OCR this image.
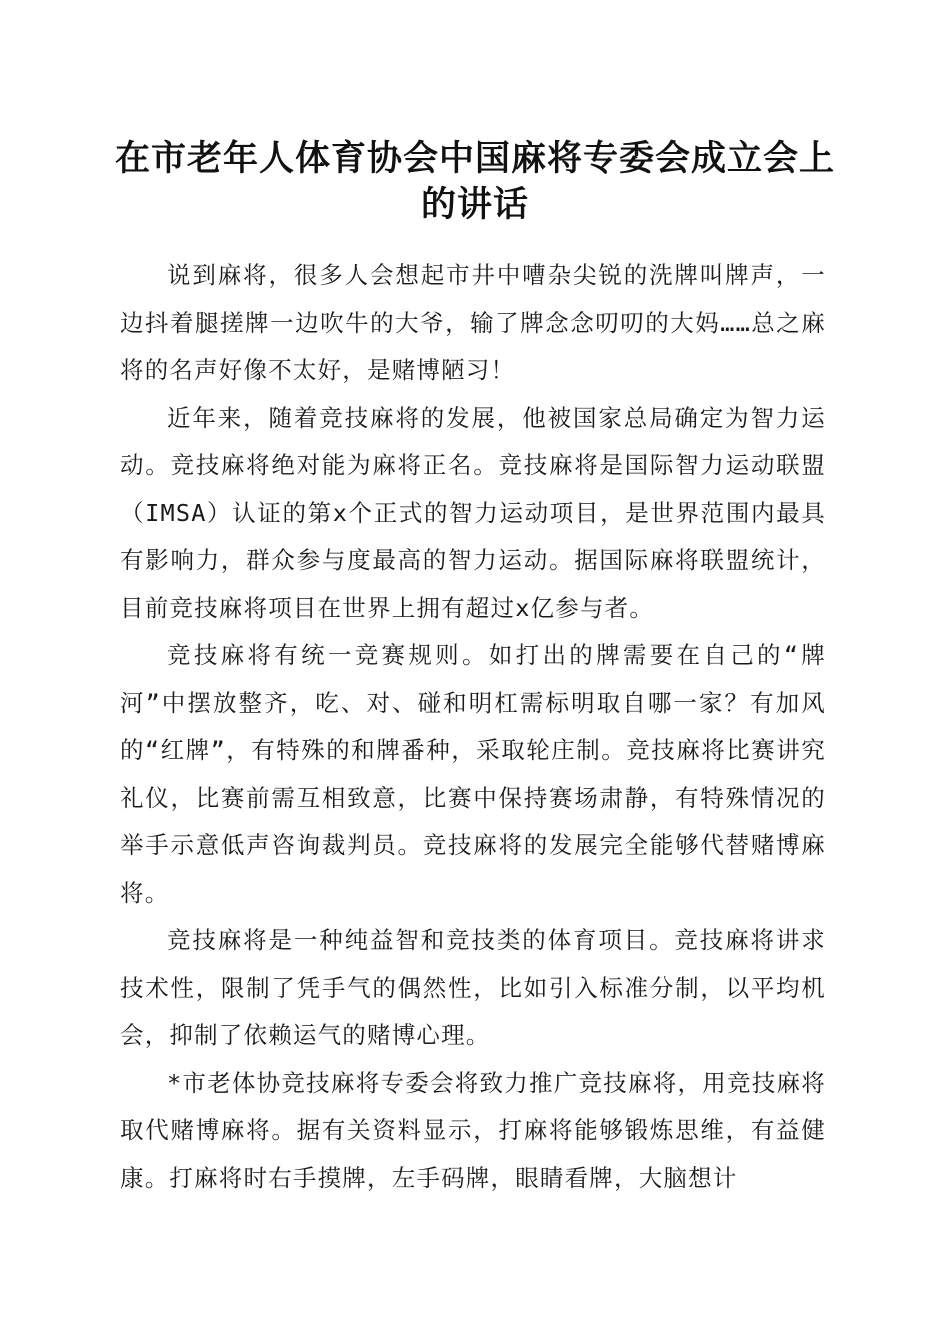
在市老年人体育协会中国麻将专委会成立会上的讲话

说到麻将，很多人会想起市井中嘈杂尖锐的洗牌叫牌声，一边抖着腿搓牌一边吹牛的大爷，输了牌念念叨叨的大妈……总之麻将的名声好像不太好，是赌博陋习！

近年来，随着竞技麻将的发展，他被国家总局确定为智力运动。竞技麻将绝对能为麻将正名。竞技麻将是国际智力运动联盟（IMSA）认证的第x个正式的智力运动项目，是世界范围内最具有影响力，群众参与度最高的智力运动。据国际麻将联盟统计，目前竞技麻将项目在世界上拥有超过x亿参与者。

竞技麻将有统一竞赛规则。如打出的牌需要在自己的“牌河”中摆放整齐，吃、对、碰和明杠需标明取自哪一家？有加风的“红牌”，有特殊的和牌番种，采取轮庄制。竞技麻将比赛讲究礼仪，比赛前需互相致意，比赛中保持赛场肃静，有特殊情况的举手示意低声咨询裁判员。竞技麻将的发展完全能够代替赌博麻将。

竞技麻将是一种纯益智和竞技类的体育项目。竞技麻将讲求技术性，限制了凭手气的偶然性，比如引入标准分制，以平均机会，抑制了依赖运气的赌博心理。

*市老体协竞技麻将专委会将致力推广竞技麻将，用竞技麻将取代赌博麻将。据有关资料显示，打麻将能够锻炼思维，有益健康。打麻将时右手摸牌，左手码牌，眼睛看牌，大脑想计
